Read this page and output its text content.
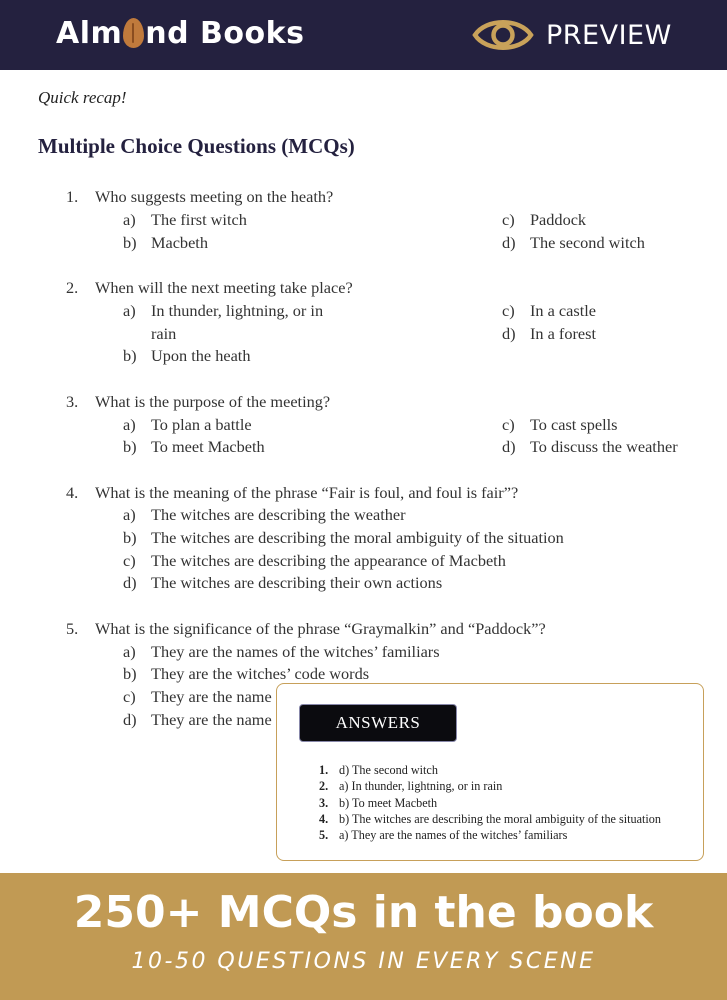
Alm nd Books	PREVIEW
Quick recap!
Multiple Choice Questions (MCQs)
1. Who suggests meeting on the heath?
a) The first witch
b) Macbeth
c) Paddock
d) The second witch
2. When will the next meeting take place?
a) In thunder, lightning, or in
rain
b) Upon the heath
c) In a castle
d) In a forest
3. What is the purpose of the meeting?
a) To plan a battle
b) To meet Macbeth
c) To cast spells
d) To discuss the weather
4. What is the meaning of the phrase “Fair is foul, and foul is fair”?
a) The witches are describing the weather
b) The witches are describing the moral ambiguity of the situation
c) The witches are describing the appearance of Macbeth
d) The witches are describing their own actions
5. What is the significance of the phrase “Graymalkin” and “Paddock”?
a) They are the names of the witches’ familiars
b) They are the witches’ code words
c) They are the name
d) They are the name	ANSWERS
1. d) The second witch
2. a) In thunder, lightning, or in rain
3. b) To meet Macbeth
4. b) The witches are describing the moral ambiguity of the situation
5. a) They are the names of the witches’ familiars
250+ MCQs in the book
10-50 QUESTIONS IN EVERY SCENE
